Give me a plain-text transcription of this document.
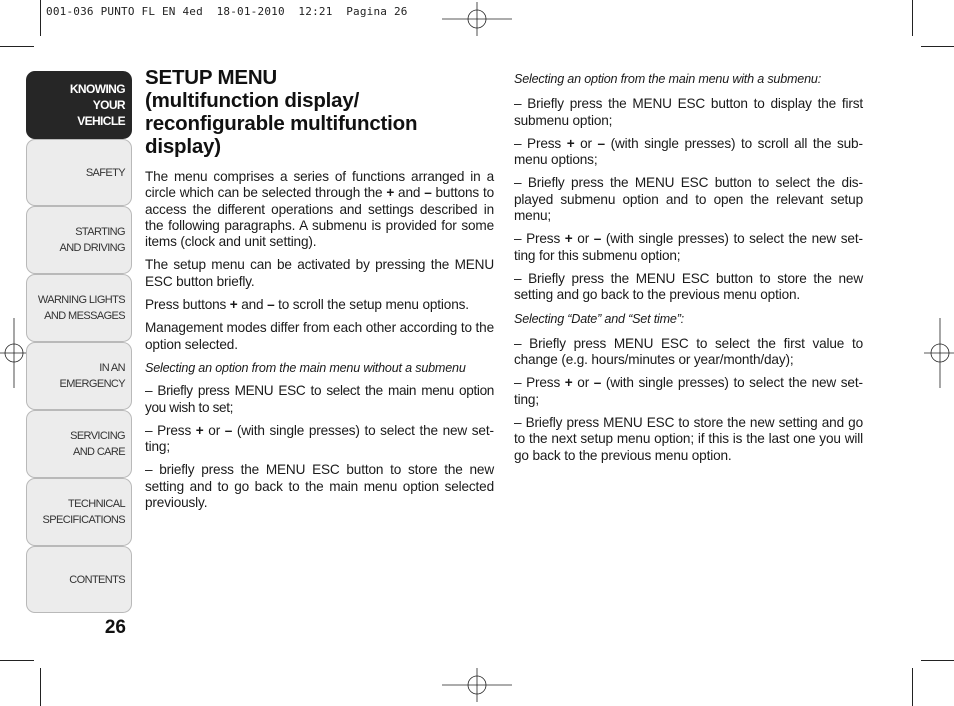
001-036 PUNTO FL EN 4ed  18-01-2010  12:21  Pagina 26
KNOWING
YOUR
VEHICLE
SAFETY
STARTING
AND DRIVING
WARNING LIGHTS
AND MESSAGES
IN AN
EMERGENCY
SERVICING
AND CARE
TECHNICAL
SPECIFICATIONS
CONTENTS
26
SETUP MENU
(multifunction display/
reconfigurable multifunction display)

The menu comprises a series of functions arranged in a circle which can be selected through the + and – buttons to access the different operations and settings described in the following paragraphs. A submenu is provided for some items (clock and unit setting).

The setup menu can be activated by pressing the MENU ESC button briefly.

Press buttons + and – to scroll the setup menu options.

Management modes differ from each other according to the option selected.

Selecting an option from the main menu without a submenu

– Briefly press MENU ESC to select the main menu option you wish to set;

– Press + or – (with single presses) to select the new setting;

– briefly press the MENU ESC button to store the new setting and to go back to the main menu option selected previously.

Selecting an option from the main menu with a submenu:

– Briefly press the MENU ESC button to display the first submenu option;

– Press + or – (with single presses) to scroll all the submenu options;

– Briefly press the MENU ESC button to select the displayed submenu option and to open the relevant setup menu;

– Press + or – (with single presses) to select the new setting for this submenu option;

– Briefly press the MENU ESC button to store the new setting and go back to the previous menu option.

Selecting “Date” and “Set time”:

– Briefly press MENU ESC to select the first value to change (e.g. hours/minutes or year/month/day);

– Press + or – (with single presses) to select the new setting;

– Briefly press MENU ESC to store the new setting and go to the next setup menu option; if this is the last one you will go back to the previous menu option.
